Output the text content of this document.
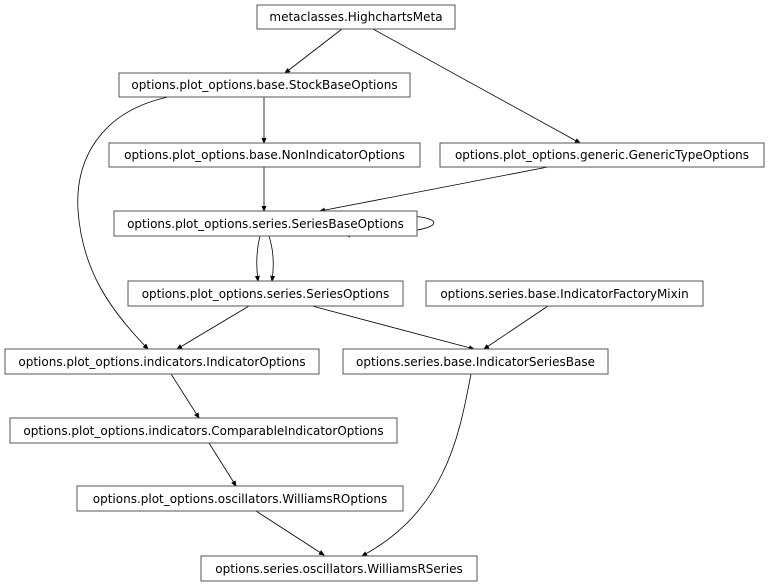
metaclasses.HighchartsMeta
options.plot_options.base.StockBaseOptions
options.plot_options.base.NonIndicatorOptions	options.plot_options.generic.GenericTypeOptions
options.plot_options.series.SeriesBaseOptions
options.plot_options.series.SeriesOptions	options.series.base.IndicatorFactoryMixin
options.plot_options.indicators.IndicatorOptions	options.series.base.IndicatorSeriesBase
options.plot_options.indicators.ComparableIndicatorOptions
options.plot_options.oscillators.WilliamsROptions
options.series.oscillators.WilliamsRSeries
